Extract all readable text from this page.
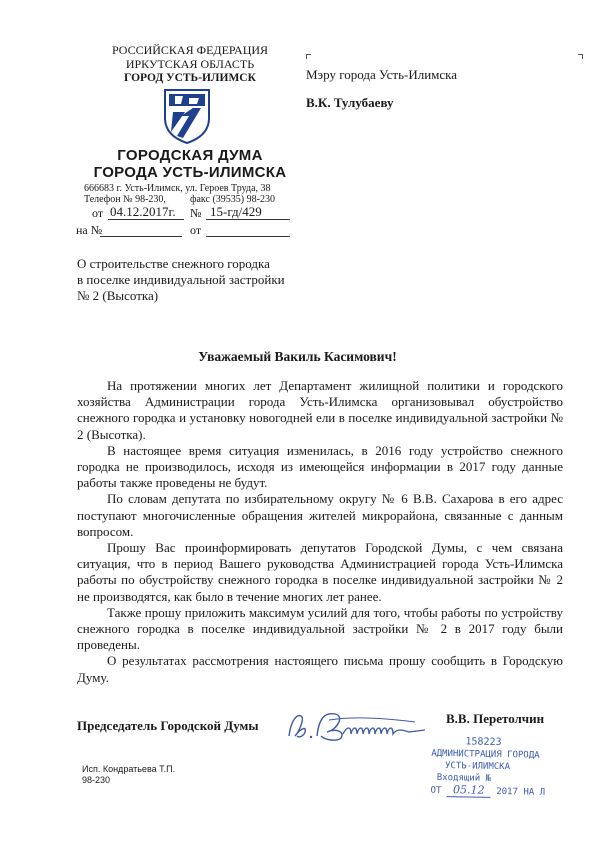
РОССИЙСКАЯ ФЕДЕРАЦИЯ
ИРКУТСКАЯ ОБЛАСТЬ
ГОРОД УСТЬ-ИЛИМСК
ГОРОДСКАЯ ДУМА
ГОРОДА УСТЬ-ИЛИМСКА
666683 г. Усть-Илимск, ул. Героев Труда, 38
Телефон № 98-230, факс (39535) 98-230
от 04.12.2017г. № 15-гд/429
на №	от
Мэру города Усть-Илимска
В.К. Тулубаеву
О строительстве снежного городка
в поселке индивидуальной застройки
№ 2 (Высотка)
Уважаемый Вакиль Касимович!

На протяжении многих лет Департамент жилищной политики и городского хозяйства Администрации города Усть-Илимска организовывал обустройство снежного городка и установку новогодней ели в поселке индивидуальной застройки № 2 (Высотка).

В настоящее время ситуация изменилась, в 2016 году устройство снежного городка не производилось, исходя из имеющейся информации в 2017 году данные работы также проведены не будут.

По словам депутата по избирательному округу № 6 В.В. Сахарова в его адрес поступают многочисленные обращения жителей микрорайона, связанные с данным вопросом.

Прошу Вас проинформировать депутатов Городской Думы, с чем связана ситуация, что в период Вашего руководства Администрацией города Усть-Илимска работы по обустройству снежного городка в поселке индивидуальной застройки № 2 не производятся, как было в течение многих лет ранее.

Также прошу приложить максимум усилий для того, чтобы работы по устройству снежного городка в поселке индивидуальной застройки № 2 в 2017 году были проведены.

О результатах рассмотрения настоящего письма прошу сообщить в Городскую Думу.

Председатель Городской Думы	В.В. Перетолчин
Исп. Кондратьева Т.П.
98-230
158223
АДМИНИСТРАЦИЯ ГОРОДА
УСТЬ-ИЛИМСКА
Входящий №
ОТ 05.12 2017 НА Л
